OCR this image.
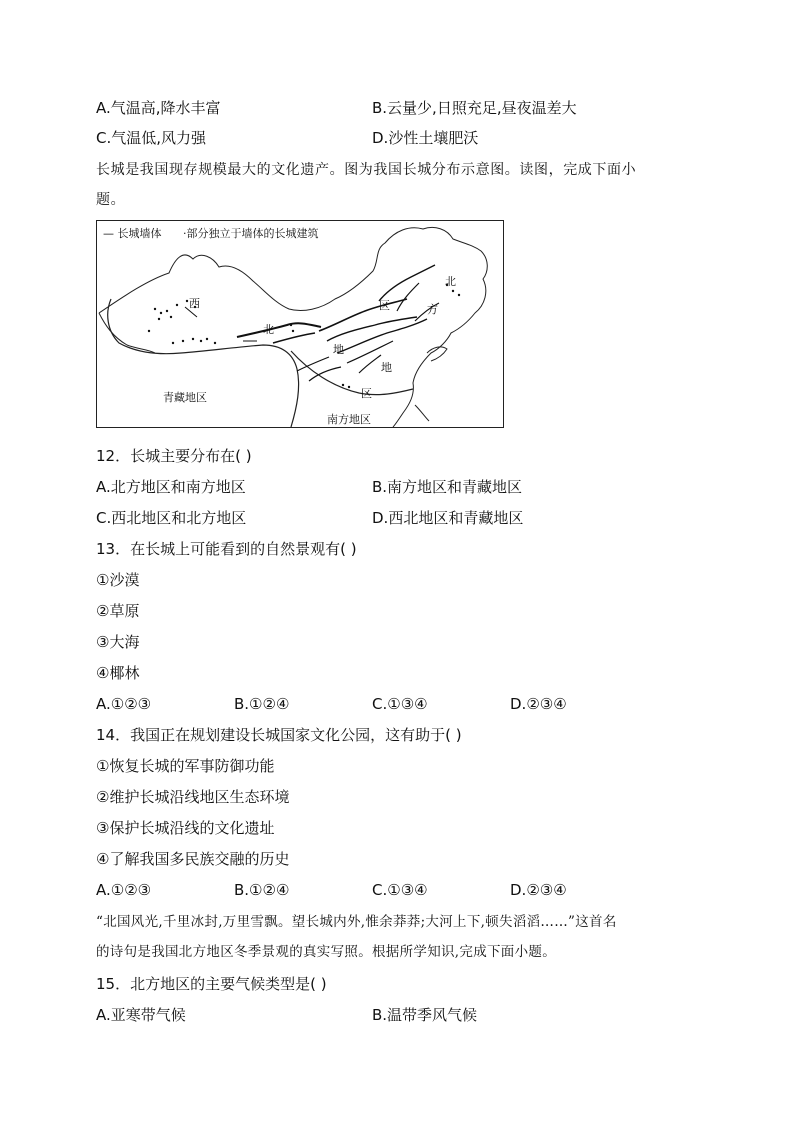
A.气温高,降水丰富	B.云量少,日照充足,昼夜温差大
C.气温低,风力强	D.沙性土壤肥沃
长城是我国现存规模最大的文化遗产。图为我国长城分布示意图。读图，完成下面小
题。
— 长城墙体 ·部分独立于墙体的长城建筑
西
北
地
区
北
方
区
地
青藏地区
南方地区
12．长城主要分布在( )
A.北方地区和南方地区	B.南方地区和青藏地区
C.西北地区和北方地区	D.西北地区和青藏地区
13．在长城上可能看到的自然景观有( )
①沙漠
②草原
③大海
④椰林
A.①②③	B.①②④	C.①③④	D.②③④
14．我国正在规划建设长城国家文化公园，这有助于( )
①恢复长城的军事防御功能
②维护长城沿线地区生态环境
③保护长城沿线的文化遗址
④了解我国多民族交融的历史
A.①②③	B.①②④	C.①③④	D.②③④
“北国风光,千里冰封,万里雪飘。望长城内外,惟余莽莽;大河上下,顿失滔滔……”这首名
的诗句是我国北方地区冬季景观的真实写照。根据所学知识,完成下面小题。
15．北方地区的主要气候类型是( )
A.亚寒带气候	B.温带季风气候
